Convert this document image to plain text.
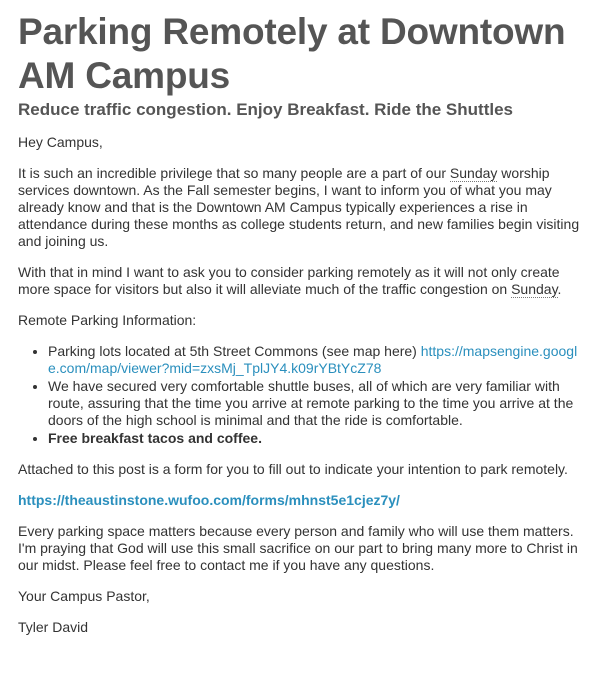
Parking Remotely at Downtown AM Campus
Reduce traffic congestion. Enjoy Breakfast. Ride the Shuttles

Hey Campus,

It is such an incredible privilege that so many people are a part of our Sunday worship services downtown. As the Fall semester begins, I want to inform you of what you may already know and that is the Downtown AM Campus typically experiences a rise in attendance during these months as college students return, and new families begin visiting and joining us.

With that in mind I want to ask you to consider parking remotely as it will not only create more space for visitors but also it will alleviate much of the traffic congestion on Sunday.

Remote Parking Information:

• Parking lots located at 5th Street Commons (see map here) https://mapsengine.google.com/map/viewer?mid=zxsMj_TplJY4.k09rYBtYcZ78
• We have secured very comfortable shuttle buses, all of which are very familiar with route, assuring that the time you arrive at remote parking to the time you arrive at the doors of the high school is minimal and that the ride is comfortable.
• Free breakfast tacos and coffee.

Attached to this post is a form for you to fill out to indicate your intention to park remotely.

https://theaustinstone.wufoo.com/forms/mhnst5e1cjez7y/

Every parking space matters because every person and family who will use them matters. I'm praying that God will use this small sacrifice on our part to bring many more to Christ in our midst. Please feel free to contact me if you have any questions.

Your Campus Pastor,

Tyler David
